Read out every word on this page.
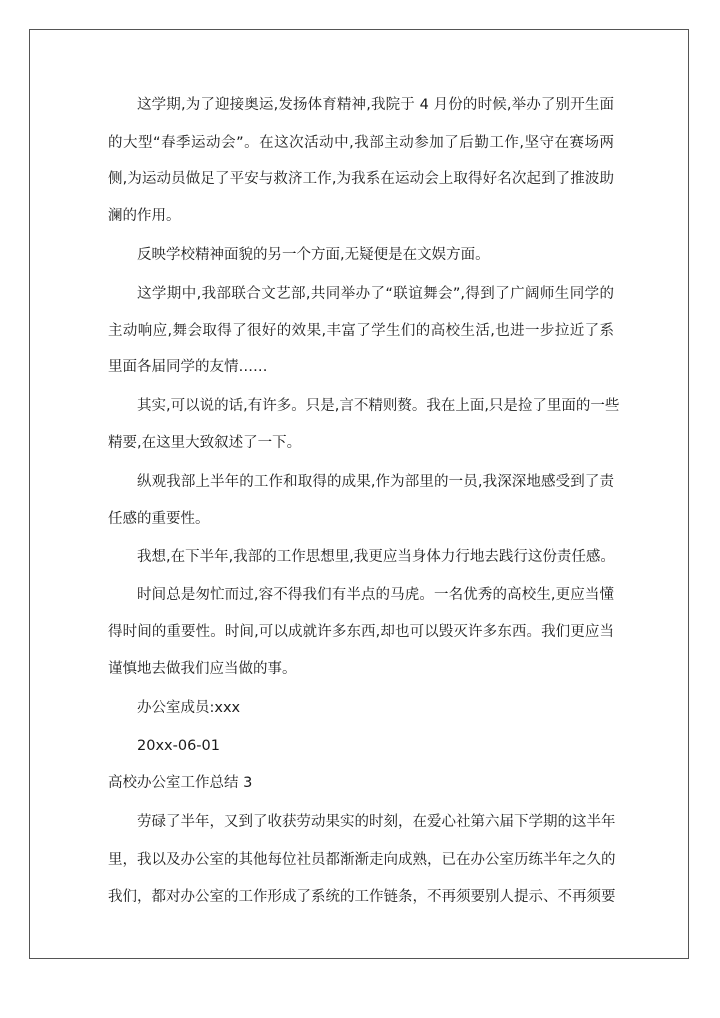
这学期,为了迎接奥运,发扬体育精神,我院于 4 月份的时候,举办了别开生面
的大型“春季运动会”。在这次活动中,我部主动参加了后勤工作,坚守在赛场两
侧,为运动员做足了平安与救济工作,为我系在运动会上取得好名次起到了推波助
澜的作用。
反映学校精神面貌的另一个方面,无疑便是在文娱方面。
这学期中,我部联合文艺部,共同举办了“联谊舞会”,得到了广阔师生同学的
主动响应,舞会取得了很好的效果,丰富了学生们的高校生活,也进一步拉近了系
里面各届同学的友情……
其实,可以说的话,有许多。只是,言不精则赘。我在上面,只是捡了里面的一些
精要,在这里大致叙述了一下。
纵观我部上半年的工作和取得的成果,作为部里的一员,我深深地感受到了责
任感的重要性。
我想,在下半年,我部的工作思想里,我更应当身体力行地去践行这份责任感。
时间总是匆忙而过,容不得我们有半点的马虎。一名优秀的高校生,更应当懂
得时间的重要性。时间,可以成就许多东西,却也可以毁灭许多东西。我们更应当
谨慎地去做我们应当做的事。
办公室成员:xxx
20xx-06-01
高校办公室工作总结 3
劳碌了半年，又到了收获劳动果实的时刻，在爱心社第六届下学期的这半年
里，我以及办公室的其他每位社员都渐渐走向成熟，已在办公室历练半年之久的
我们，都对办公室的工作形成了系统的工作链条，不再须要别人提示、不再须要
